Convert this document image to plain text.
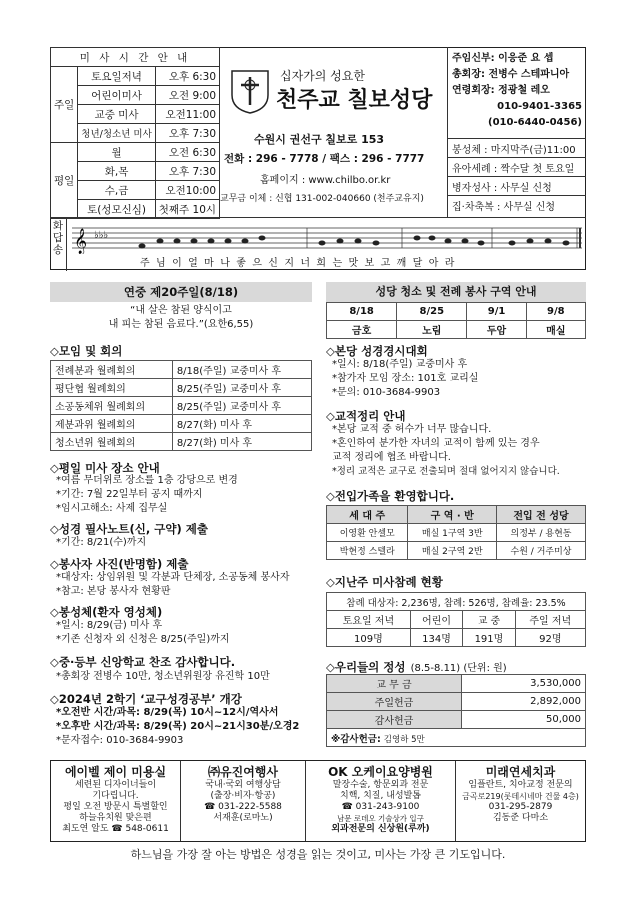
미 사 시 간 안 내		
주일	토요일저녁	오후 6:30
	어린이미사	오전 9:00
	교중 미사	오전11:00
	청년/청소년 미사	오후 7:30
평일	월	오전 6:30
	화,목	오후 7:30
	수,금	오전10:00
	토(성모신심)	첫째주 10시
십자가의 성요한
천주교 칠보성당
수원시 권선구 칠보로 153
전화 : 296 - 7778 / 팩스 : 296 - 7777
홈페이지 : www.chilbo.or.kr
교무금 이체 : 신협 131-002-040660 (천주교유지)
주임신부: 이응준 요 셉
총회장: 전병수 스테파니아
연령회장: 정광철 레오
010-9401-3365
(010-6440-0456)
봉성체 : 마지막주(금)11:00
유아세례 : 짝수달 첫 토요일
병자성사 : 사무실 신청
집·차축복 : 사무실 신청
화답송 𝄞 ♭♭♭
주 님 이 얼 마 나 좋 으 신 지 너 희 는 맛 보 고 깨 달 아 라
연중 제20주일(8/18)
“내 살은 참된 양식이고
내 피는 참된 음료다.”(요한6,55)
◇모임 및 회의
전례분과 월례회의	8/18(주일) 교중미사 후
평단협 월례회의	8/25(주일) 교중미사 후
소공동체위 월례회의	8/25(주일) 교중미사 후
제분과위 월례회의	8/27(화) 미사 후
청소년위 월례회의	8/27(화) 미사 후
◇평일 미사 장소 안내
*여름 무더위로 장소를 1층 강당으로 변경
*기간: 7월 22일부터 공지 때까지
*임시고해소: 사제 집무실
◇성경 필사노트(신, 구약) 제출
*기간: 8/21(수)까지
◇봉사자 사진(반명함) 제출
*대상자: 상임위원 및 각분과 단체장, 소공동체 봉사자
*참고: 본당 봉사자 현황판
◇봉성체(환자 영성체)
*일시: 8/29(금) 미사 후
*기존 신청자 외 신청은 8/25(주일)까지
◇중·등부 신앙학교 찬조 감사합니다.
*총회장 전병수 10만, 청소년위원장 유진학 10만
◇2024년 2학기 ‘교구성경공부’ 개강
*오전반 시간/과목: 8/29(목) 10시~12시/역사서
*오후반 시간/과목: 8/29(목) 20시~21시30분/오경2
*문자접수: 010-3684-9903
성당 청소 및 전례 봉사 구역 안내
8/18	8/25	9/1	9/8
금호	노림	두암	매실
◇본당 성경경시대회
*일시: 8/18(주일) 교중미사 후
*참가자 모임 장소: 101호 교리실
*문의: 010-3684-9903
◇교적정리 안내
*본당 교적 중 허수가 너무 많습니다.
*혼인하여 분가한 자녀의 교적이 함께 있는 경우
교적 정리에 협조 바랍니다.
*정리 교적은 교구로 전출되며 절대 없어지지 않습니다.
◇전입가족을 환영합니다.
세 대 주	구 역 · 반	전입 전 성당
이영환 안셀모	매실 1구역 3반	의정부 / 용현동
박현정 스텔라	매실 2구역 2반	수원 / 거주미상
◇지난주 미사참례 현황
참례 대상자: 2,236명, 참례: 526명, 참례율: 23.5%			
토요일 저녁	어린이	교 중	주일 저녁
109명	134명	191명	92명
◇우리들의 정성 (8.5-8.11) (단위: 원)
교 무 금	3,530,000
주일헌금	2,892,000
감사헌금	50,000
※감사헌금: 김영하 5만	
에이벨 제이 미용실
세련된 디자이너들이
기다립니다.
평일 오전 방문시 특별할인
하늘유치원 맞은편
최도연 알도 ☎ 548-0611
㈜유진여행사
국내·국외 여행상담
(출장·비자·항공)
☎ 031-222-5588
서재훈(로마노)
OK 오케이요양병원
말장수술, 항문외과 전문
치핵, 치질, 내성발톱
☎ 031-243-9100
남문 로데오 기술상가 입구
외과전문의 신상원(루까)
미래연세치과
임플란트, 치아교정 전문의
금곡로219(롯데시네마 건물 4층)
031-295-2879
김동준 다마소
하느님을 가장 잘 아는 방법은 성경을 읽는 것이고, 미사는 가장 큰 기도입니다.
